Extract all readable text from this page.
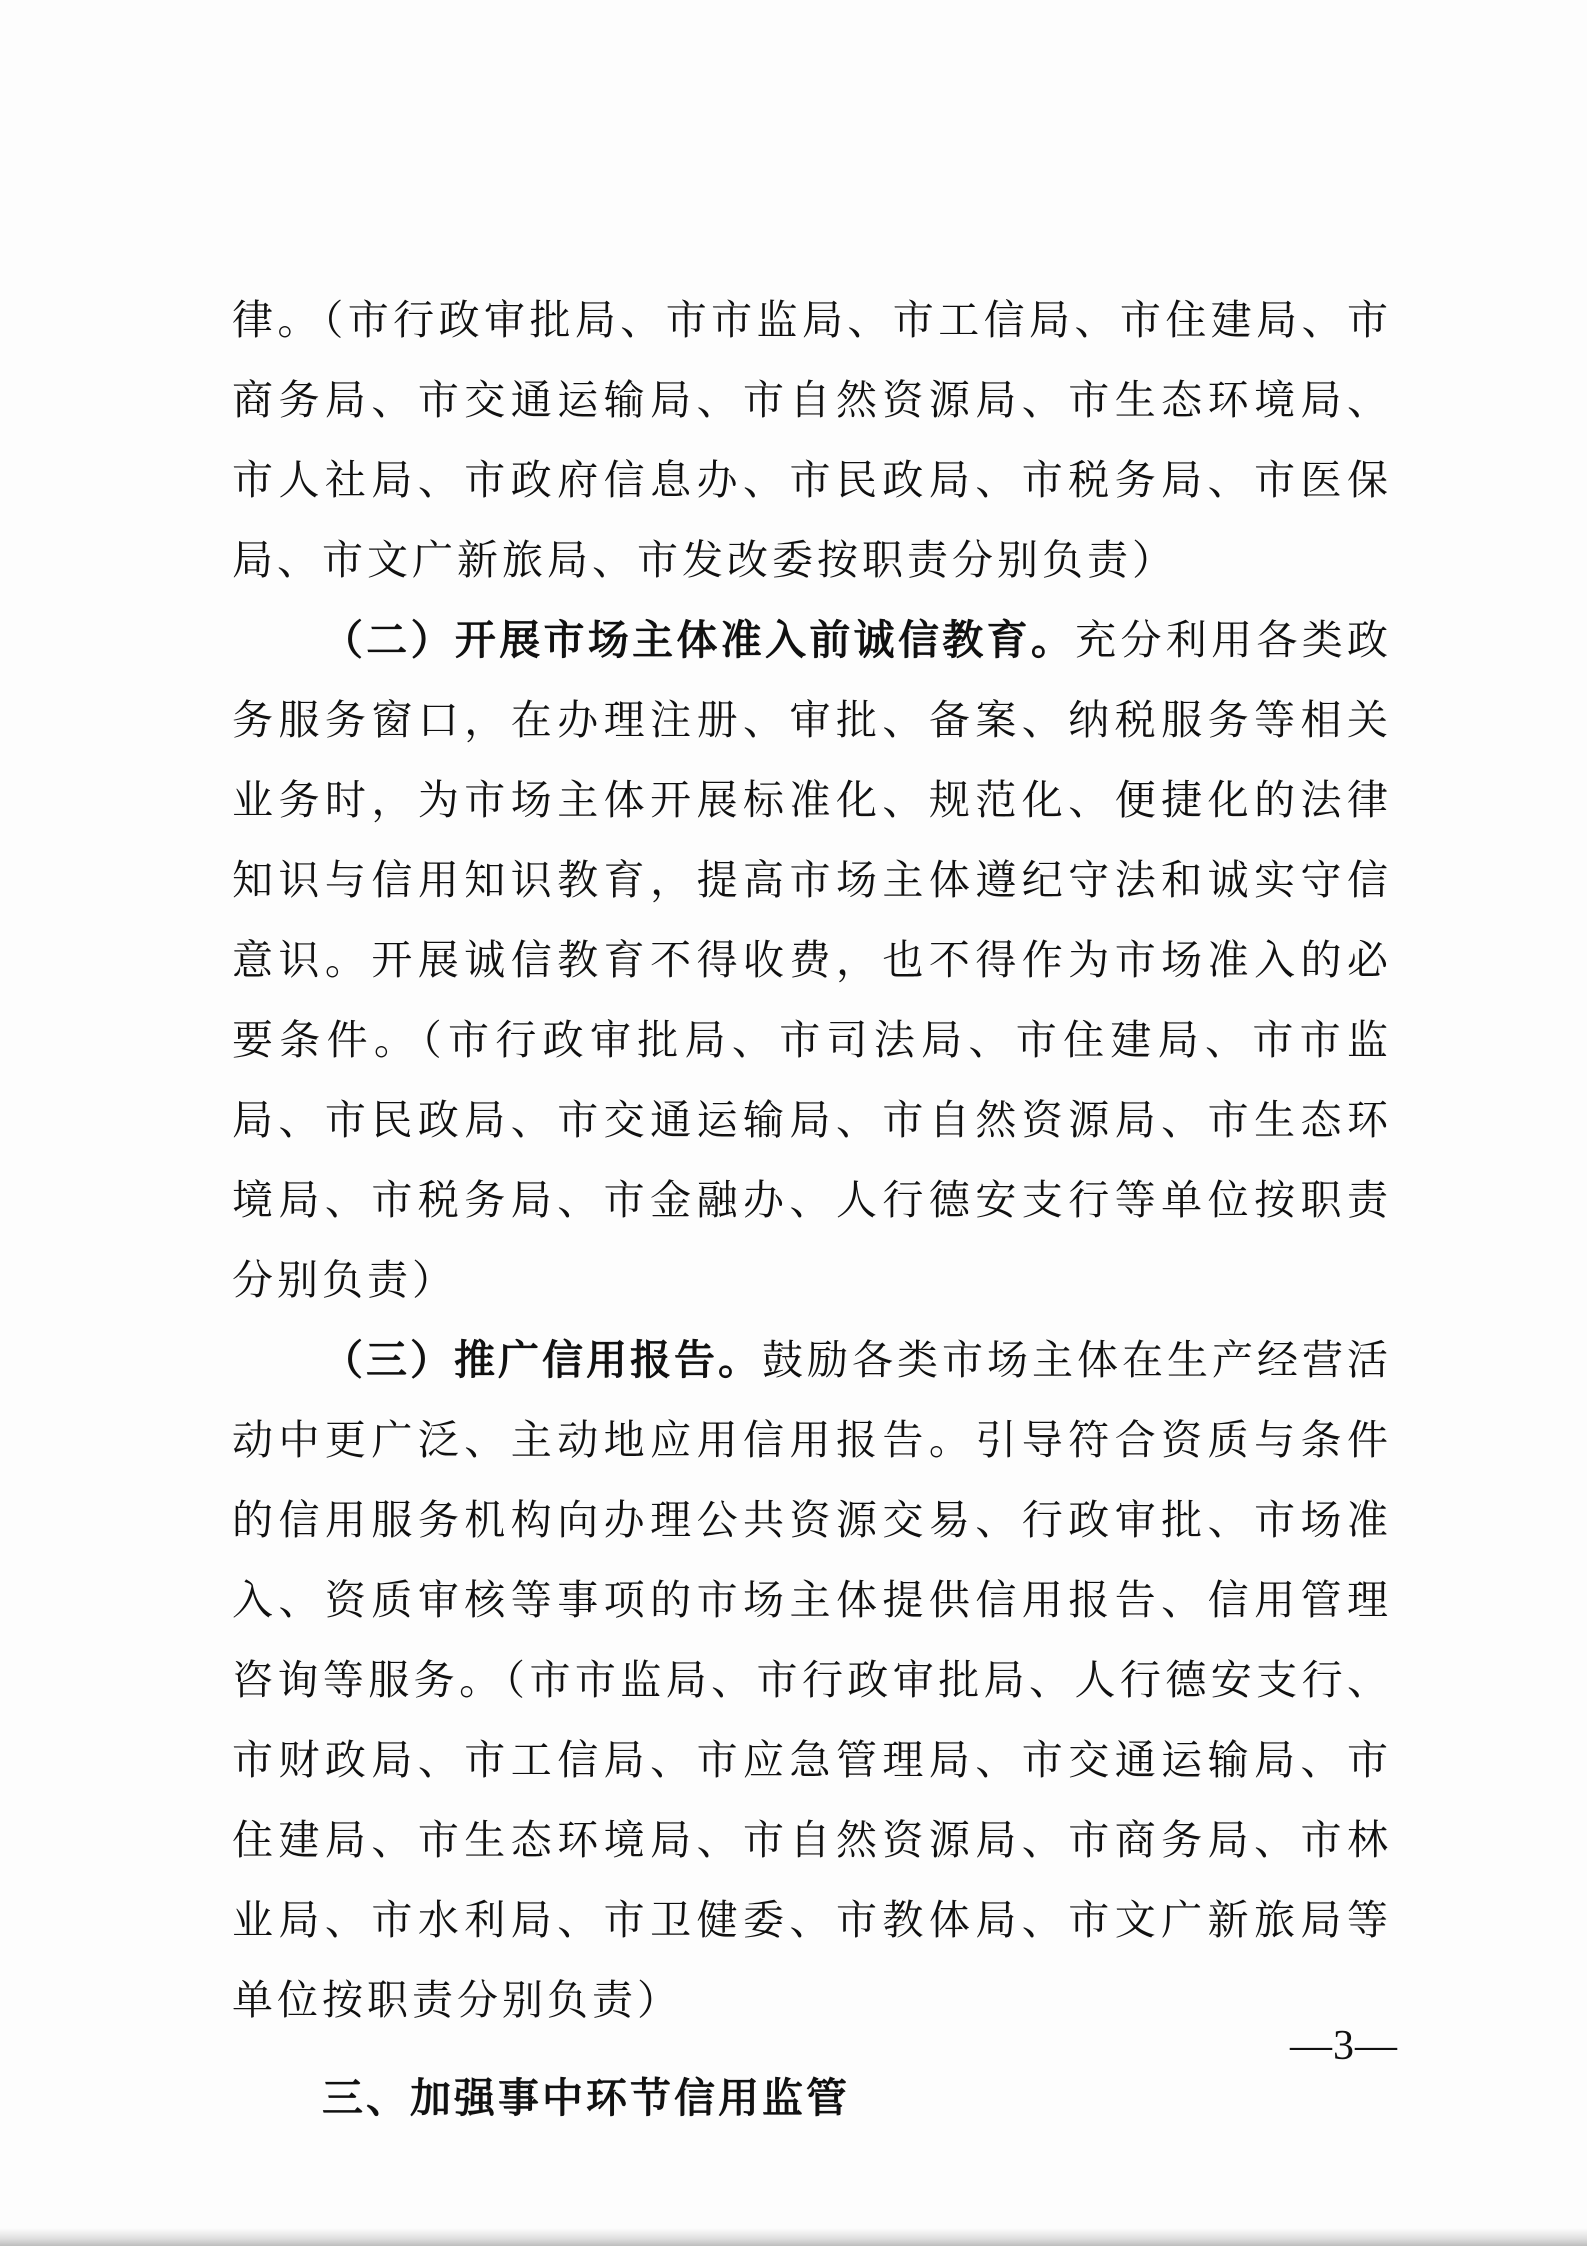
律。（市行政审批局、市市监局、市工信局、市住建局、市商务局、市交通运输局、市自然资源局、市生态环境局、市人社局、市政府信息办、市民政局、市税务局、市医保局、市文广新旅局、市发改委按职责分别负责）

（二）开展市场主体准入前诚信教育。充分利用各类政务服务窗口，在办理注册、审批、备案、纳税服务等相关业务时，为市场主体开展标准化、规范化、便捷化的法律知识与信用知识教育，提高市场主体遵纪守法和诚实守信意识。开展诚信教育不得收费，也不得作为市场准入的必要条件。（市行政审批局、市司法局、市住建局、市市监局、市民政局、市交通运输局、市自然资源局、市生态环境局、市税务局、市金融办、人行德安支行等单位按职责分别负责）

（三）推广信用报告。鼓励各类市场主体在生产经营活动中更广泛、主动地应用信用报告。引导符合资质与条件的信用服务机构向办理公共资源交易、行政审批、市场准入、资质审核等事项的市场主体提供信用报告、信用管理咨询等服务。（市市监局、市行政审批局、人行德安支行、市财政局、市工信局、市应急管理局、市交通运输局、市住建局、市生态环境局、市自然资源局、市商务局、市林业局、市水利局、市卫健委、市教体局、市文广新旅局等单位按职责分别负责）

三、加强事中环节信用监管

—3—
